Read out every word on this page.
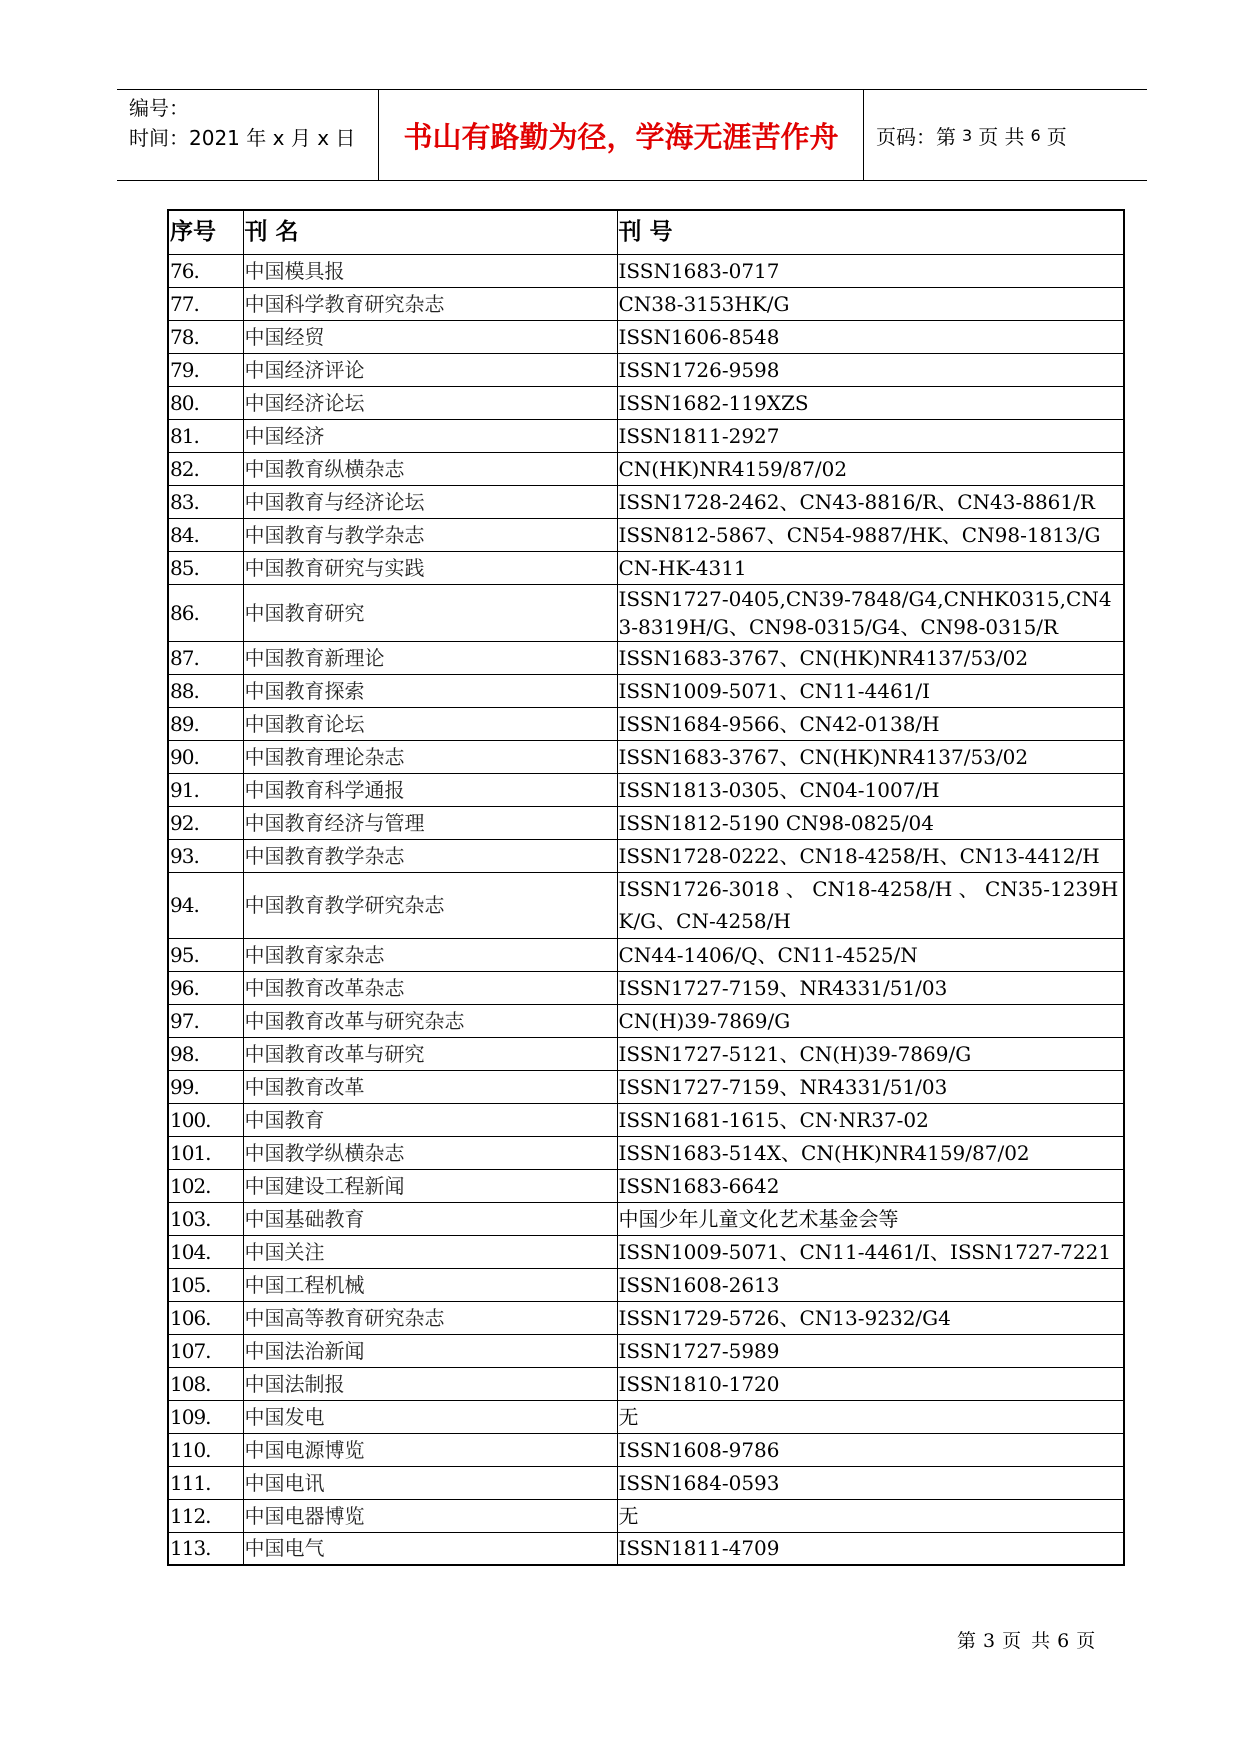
编号：
时间：2021 年 x 月 x 日	书山有路勤为径，学海无涯苦作舟	页码：第 3 页 共 6 页
序号	刊 名	刊 号
76.	中国模具报	ISSN1683-0717
77.	中国科学教育研究杂志	CN38-3153HK/G
78.	中国经贸	ISSN1606-8548
79.	中国经济评论	ISSN1726-9598
80.	中国经济论坛	ISSN1682-119XZS
81.	中国经济	ISSN1811-2927
82.	中国教育纵横杂志	CN(HK)NR4159/87/02
83.	中国教育与经济论坛	ISSN1728-2462、CN43-8816/R、CN43-8861/R
84.	中国教育与教学杂志	ISSN812-5867、CN54-9887/HK、CN98-1813/G
85.	中国教育研究与实践	CN-HK-4311
86.	中国教育研究	ISSN1727-0405,CN39-7848/G4,CNHK0315,CN43-8319H/G、CN98-0315/G4、CN98-0315/R
87.	中国教育新理论	ISSN1683-3767、CN(HK)NR4137/53/02
88.	中国教育探索	ISSN1009-5071、CN11-4461/I
89.	中国教育论坛	ISSN1684-9566、CN42-0138/H
90.	中国教育理论杂志	ISSN1683-3767、CN(HK)NR4137/53/02
91.	中国教育科学通报	ISSN1813-0305、CN04-1007/H
92.	中国教育经济与管理	ISSN1812-5190 CN98-0825/04
93.	中国教育教学杂志	ISSN1728-0222、CN18-4258/H、CN13-4412/H
94.	中国教育教学研究杂志	ISSN1726-3018 、 CN18-4258/H 、 CN35-1239HK/G、CN-4258/H
95.	中国教育家杂志	CN44-1406/Q、CN11-4525/N
96.	中国教育改革杂志	ISSN1727-7159、NR4331/51/03
97.	中国教育改革与研究杂志	CN(H)39-7869/G
98.	中国教育改革与研究	ISSN1727-5121、CN(H)39-7869/G
99.	中国教育改革	ISSN1727-7159、NR4331/51/03
100.	中国教育	ISSN1681-1615、CN·NR37-02
101.	中国教学纵横杂志	ISSN1683-514X、CN(HK)NR4159/87/02
102.	中国建设工程新闻	ISSN1683-6642
103.	中国基础教育	中国少年儿童文化艺术基金会等
104.	中国关注	ISSN1009-5071、CN11-4461/I、ISSN1727-7221
105.	中国工程机械	ISSN1608-2613
106.	中国高等教育研究杂志	ISSN1729-5726、CN13-9232/G4
107.	中国法治新闻	ISSN1727-5989
108.	中国法制报	ISSN1810-1720
109.	中国发电	无
110.	中国电源博览	ISSN1608-9786
111.	中国电讯	ISSN1684-0593
112.	中国电器博览	无
113.	中国电气	ISSN1811-4709
第 3 页 共 6 页
